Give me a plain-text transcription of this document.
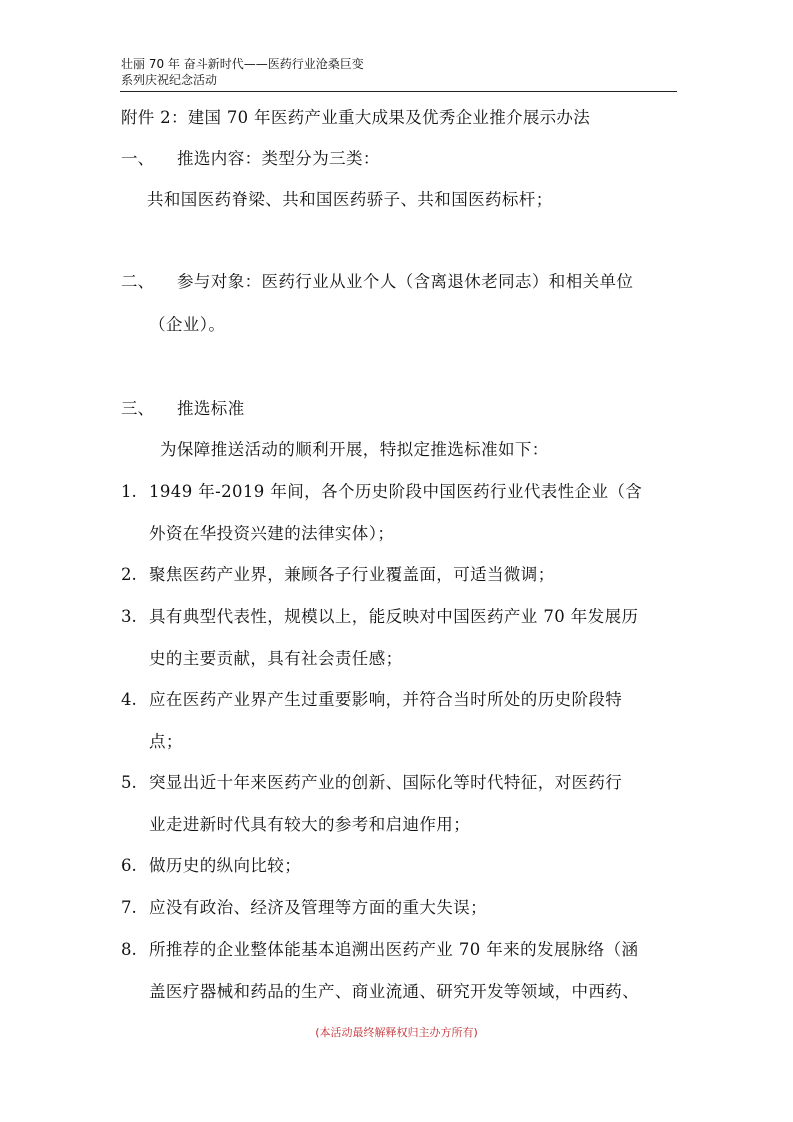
壮丽 70 年 奋斗新时代——医药行业沧桑巨变
系列庆祝纪念活动
附件 2：建国 70 年医药产业重大成果及优秀企业推介展示办法
一、 推选内容：类型分为三类：
共和国医药脊梁、共和国医药骄子、共和国医药标杆；
二、 参与对象：医药行业从业个人（含离退休老同志）和相关单位
（企业）。
三、 推选标准
为保障推送活动的顺利开展，特拟定推选标准如下：
1. 1949 年-2019 年间，各个历史阶段中国医药行业代表性企业（含
外资在华投资兴建的法律实体）；
2. 聚焦医药产业界，兼顾各子行业覆盖面，可适当微调；
3. 具有典型代表性，规模以上，能反映对中国医药产业 70 年发展历
史的主要贡献，具有社会责任感；
4. 应在医药产业界产生过重要影响，并符合当时所处的历史阶段特
点；
5. 突显出近十年来医药产业的创新、国际化等时代特征，对医药行
业走进新时代具有较大的参考和启迪作用；
6. 做历史的纵向比较；
7. 应没有政治、经济及管理等方面的重大失误；
8. 所推荐的企业整体能基本追溯出医药产业 70 年来的发展脉络（涵
盖医疗器械和药品的生产、商业流通、研究开发等领域，中西药、
(本活动最终解释权归主办方所有)
